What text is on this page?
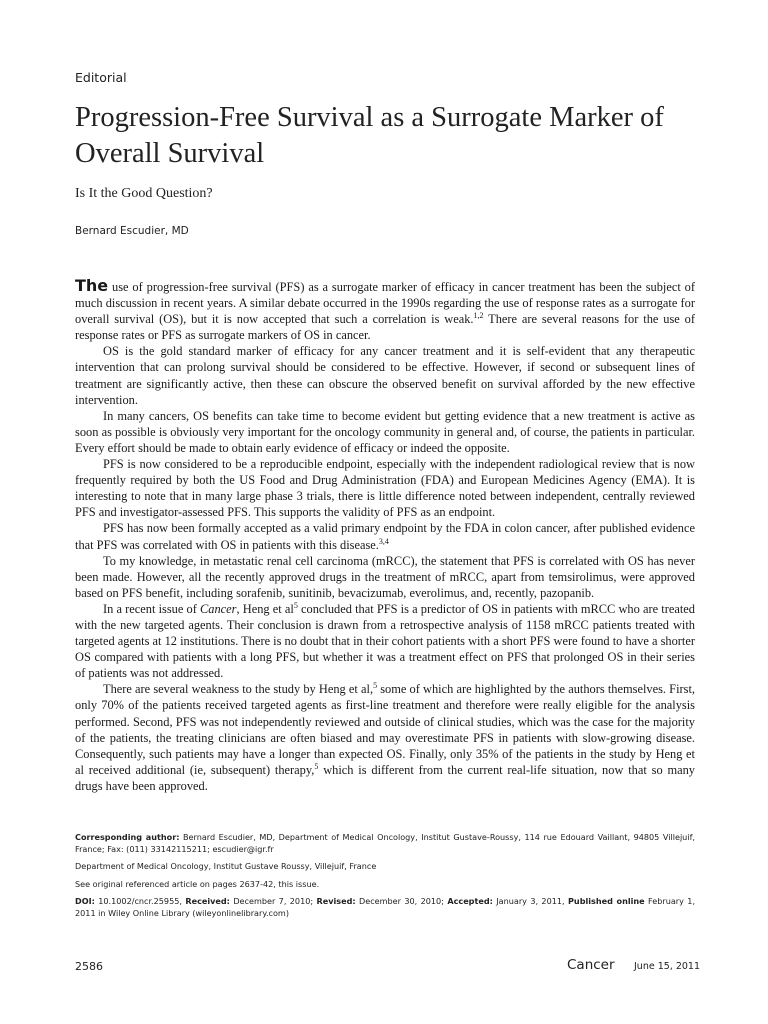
Editorial
Progression-Free Survival as a Surrogate Marker of Overall Survival
Is It the Good Question?
Bernard Escudier, MD

The use of progression-free survival (PFS) as a surrogate marker of efficacy in cancer treatment has been the subject of much discussion in recent years. A similar debate occurred in the 1990s regarding the use of response rates as a surrogate for overall survival (OS), but it is now accepted that such a correlation is weak.$^{1,2}$ There are several reasons for the use of response rates or PFS as surrogate markers of OS in cancer.

OS is the gold standard marker of efficacy for any cancer treatment and it is self-evident that any therapeutic intervention that can prolong survival should be considered to be effective. However, if second or subsequent lines of treatment are significantly active, then these can obscure the observed benefit on survival afforded by the new effective intervention.

In many cancers, OS benefits can take time to become evident but getting evidence that a new treatment is active as soon as possible is obviously very important for the oncology community in general and, of course, the patients in particular. Every effort should be made to obtain early evidence of efficacy or indeed the opposite.

PFS is now considered to be a reproducible endpoint, especially with the independent radiological review that is now frequently required by both the US Food and Drug Administration (FDA) and European Medicines Agency (EMA). It is interesting to note that in many large phase 3 trials, there is little difference noted between independent, centrally reviewed PFS and investigator-assessed PFS. This supports the validity of PFS as an endpoint.

PFS has now been formally accepted as a valid primary endpoint by the FDA in colon cancer, after published evidence that PFS was correlated with OS in patients with this disease.$^{3,4}$

To my knowledge, in metastatic renal cell carcinoma (mRCC), the statement that PFS is correlated with OS has never been made. However, all the recently approved drugs in the treatment of mRCC, apart from temsirolimus, were approved based on PFS benefit, including sorafenib, sunitinib, bevacizumab, everolimus, and, recently, pazopanib.

In a recent issue of Cancer, Heng et $al^5$ concluded that PFS is a predictor of OS in patients with mRCC who are treated with the new targeted agents. Their conclusion is drawn from a retrospective analysis of 1158 mRCC patients treated with targeted agents at 12 institutions. There is no doubt that in their cohort patients with a short PFS were found to have a shorter OS compared with patients with a long PFS, but whether it was a treatment effect on PFS that prolonged OS in their series of patients was not addressed.

There are several weakness to the study by Heng et al,$^5$ some of which are highlighted by the authors themselves. First, only 70% of the patients received targeted agents as first-line treatment and therefore were really eligible for the analysis performed. Second, PFS was not independently reviewed and outside of clinical studies, which was the case for the majority of the patients, the treating clinicians are often biased and may overestimate PFS in patients with slow-growing disease. Consequently, such patients may have a longer than expected OS. Finally, only 35% of the patients in the study by Heng et al received additional (ie, subsequent) therapy,$^5$ which is different from the current real-life situation, now that so many drugs have been approved.

Corresponding author: Bernard Escudier, MD, Department of Medical Oncology, Institut Gustave-Roussy, 114 rue Edouard Vaillant, 94805 Villejuif, France; Fax: (011) 33142115211; escudier@igr.fr

Department of Medical Oncology, Institut Gustave Roussy, Villejuif, France

See original referenced article on pages 2637-42, this issue.

DOI: 10.1002/cncr.25955, Received: December 7, 2010; Revised: December 30, 2010; Accepted: January 3, 2011, Published online February 1, 2011 in Wiley Online Library (wileyonlinelibrary.com)

2586	Cancer June 15, 2011
